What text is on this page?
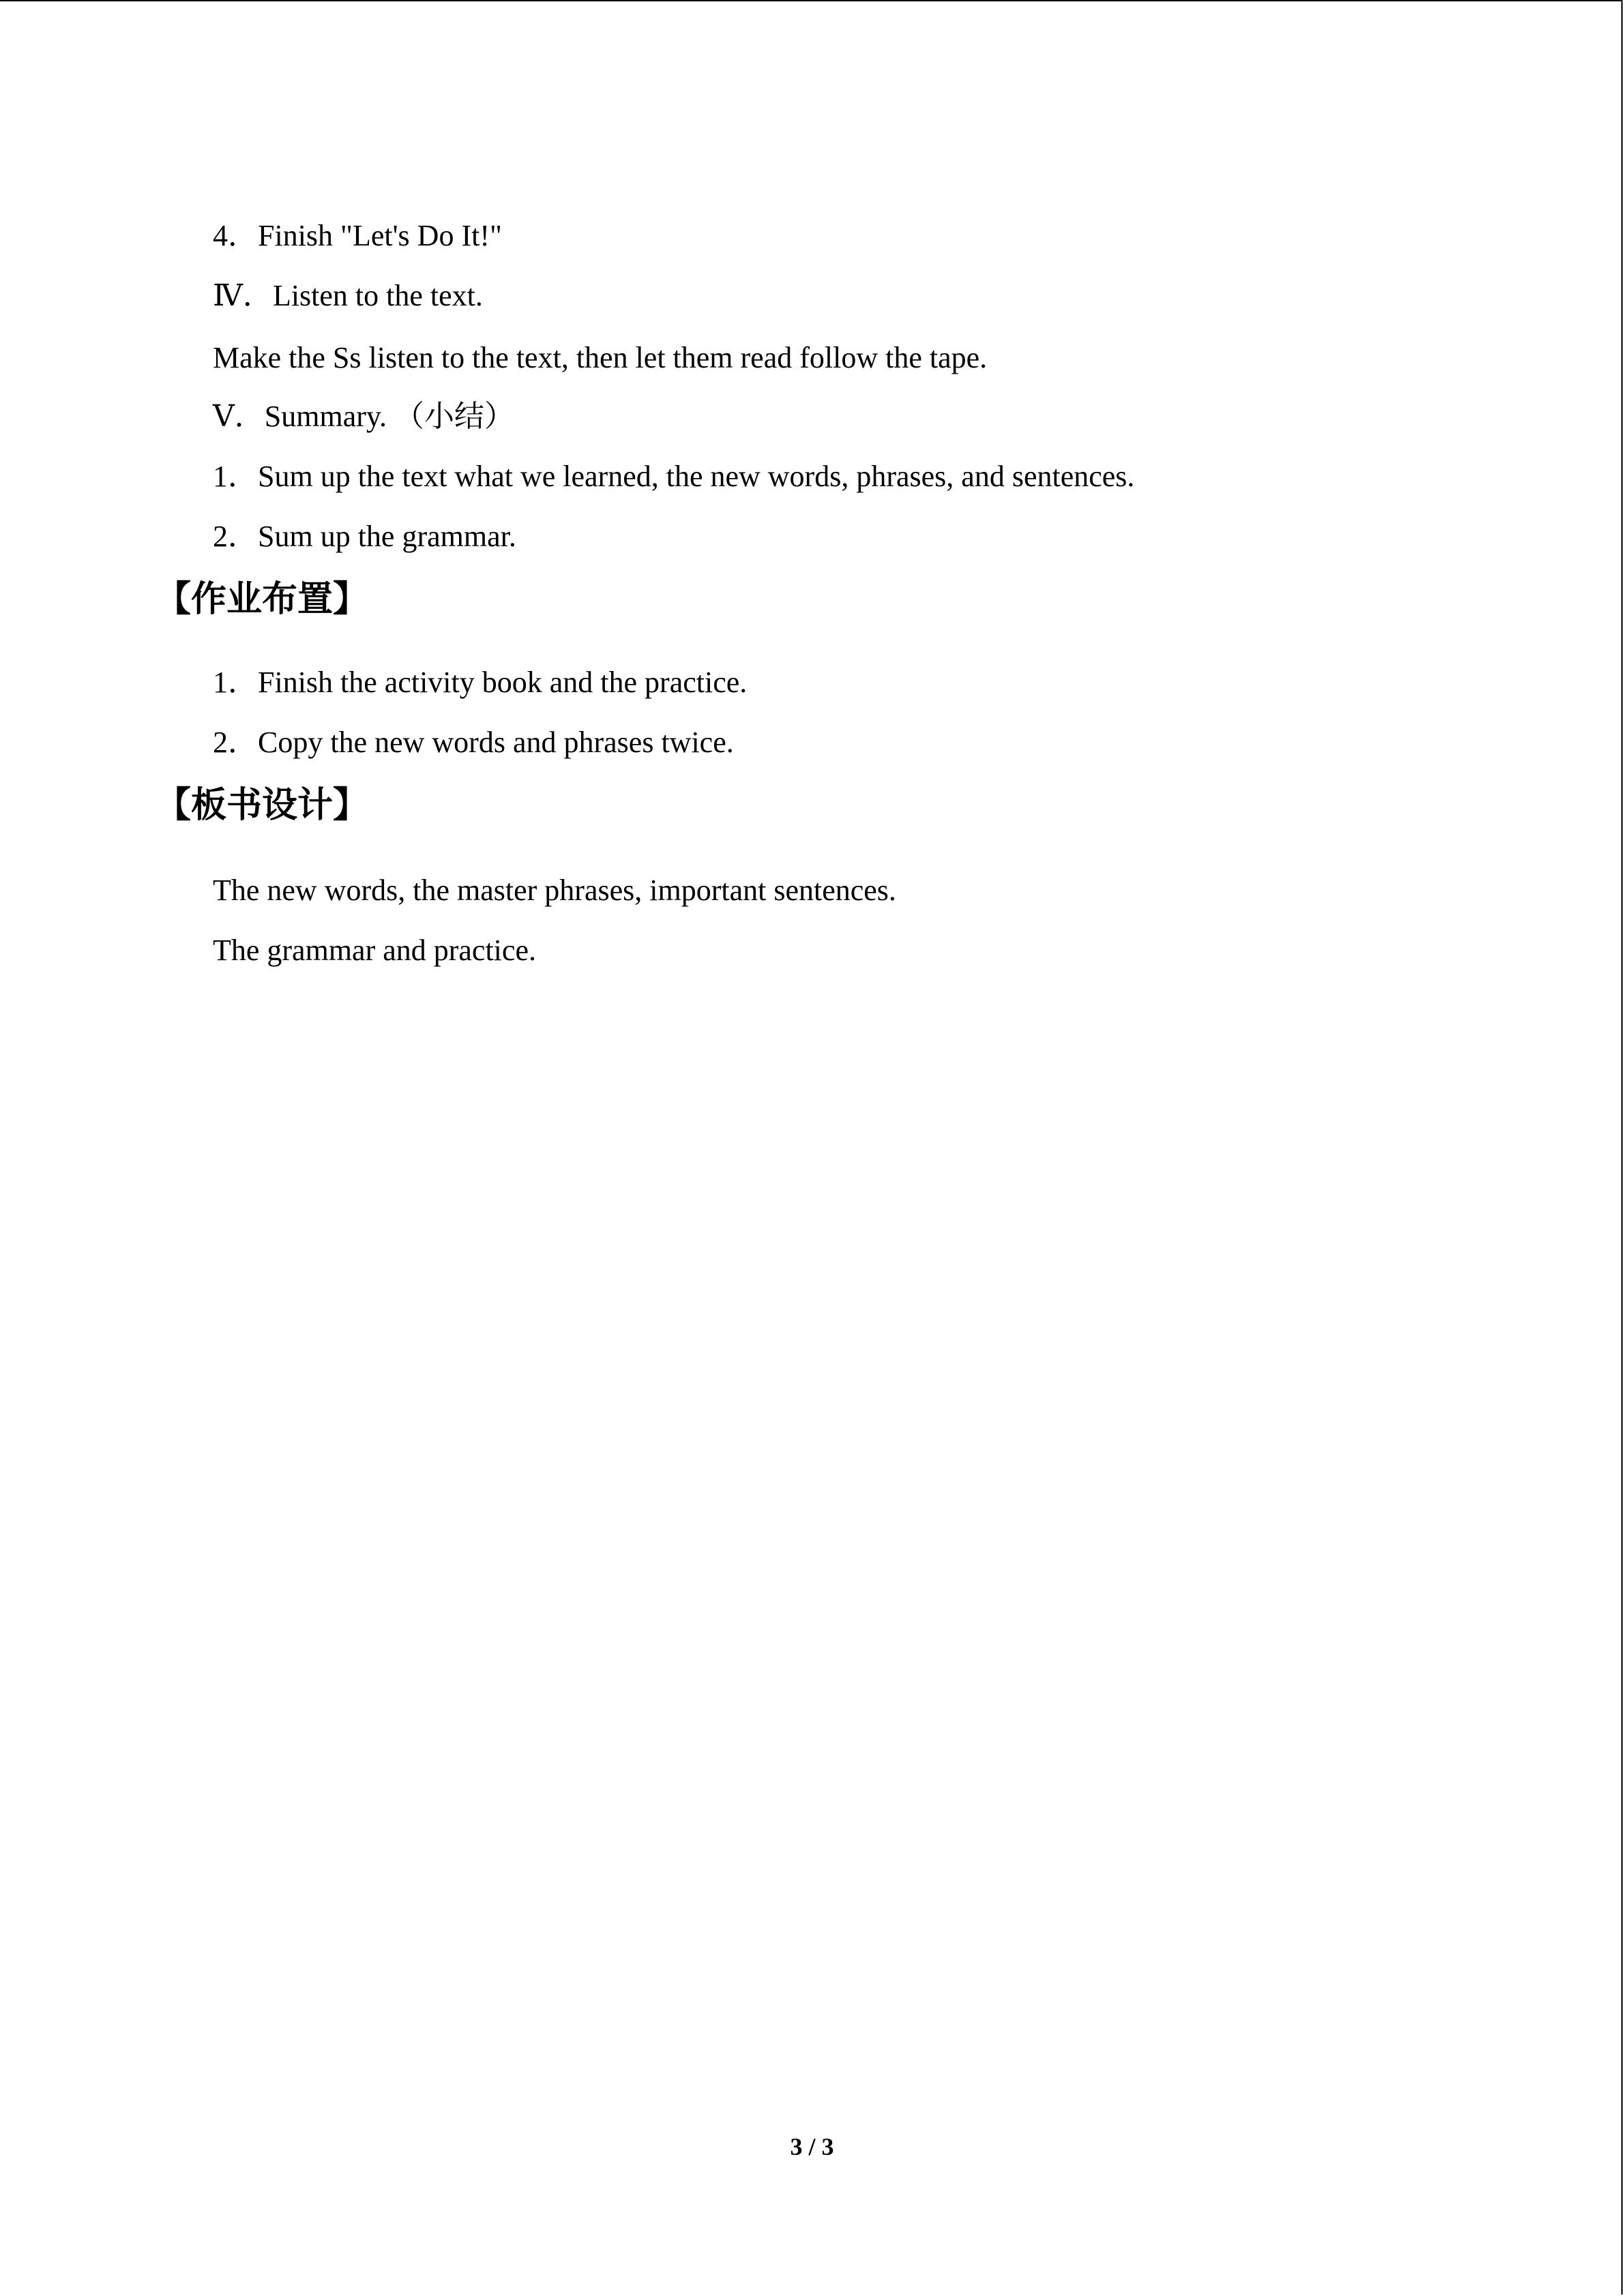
4．Finish "Let's Do It!"
Ⅳ．Listen to the text.
Make the Ss listen to the text, then let them read follow the tape.
Ⅴ．Summary. （小结）
1．Sum up the text what we learned, the new words, phrases, and sentences.
2．Sum up the grammar.
【作业布置】
1．Finish the activity book and the practice.
2．Copy the new words and phrases twice.
【板书设计】
The new words, the master phrases, important sentences.
The grammar and practice.
3 / 3
